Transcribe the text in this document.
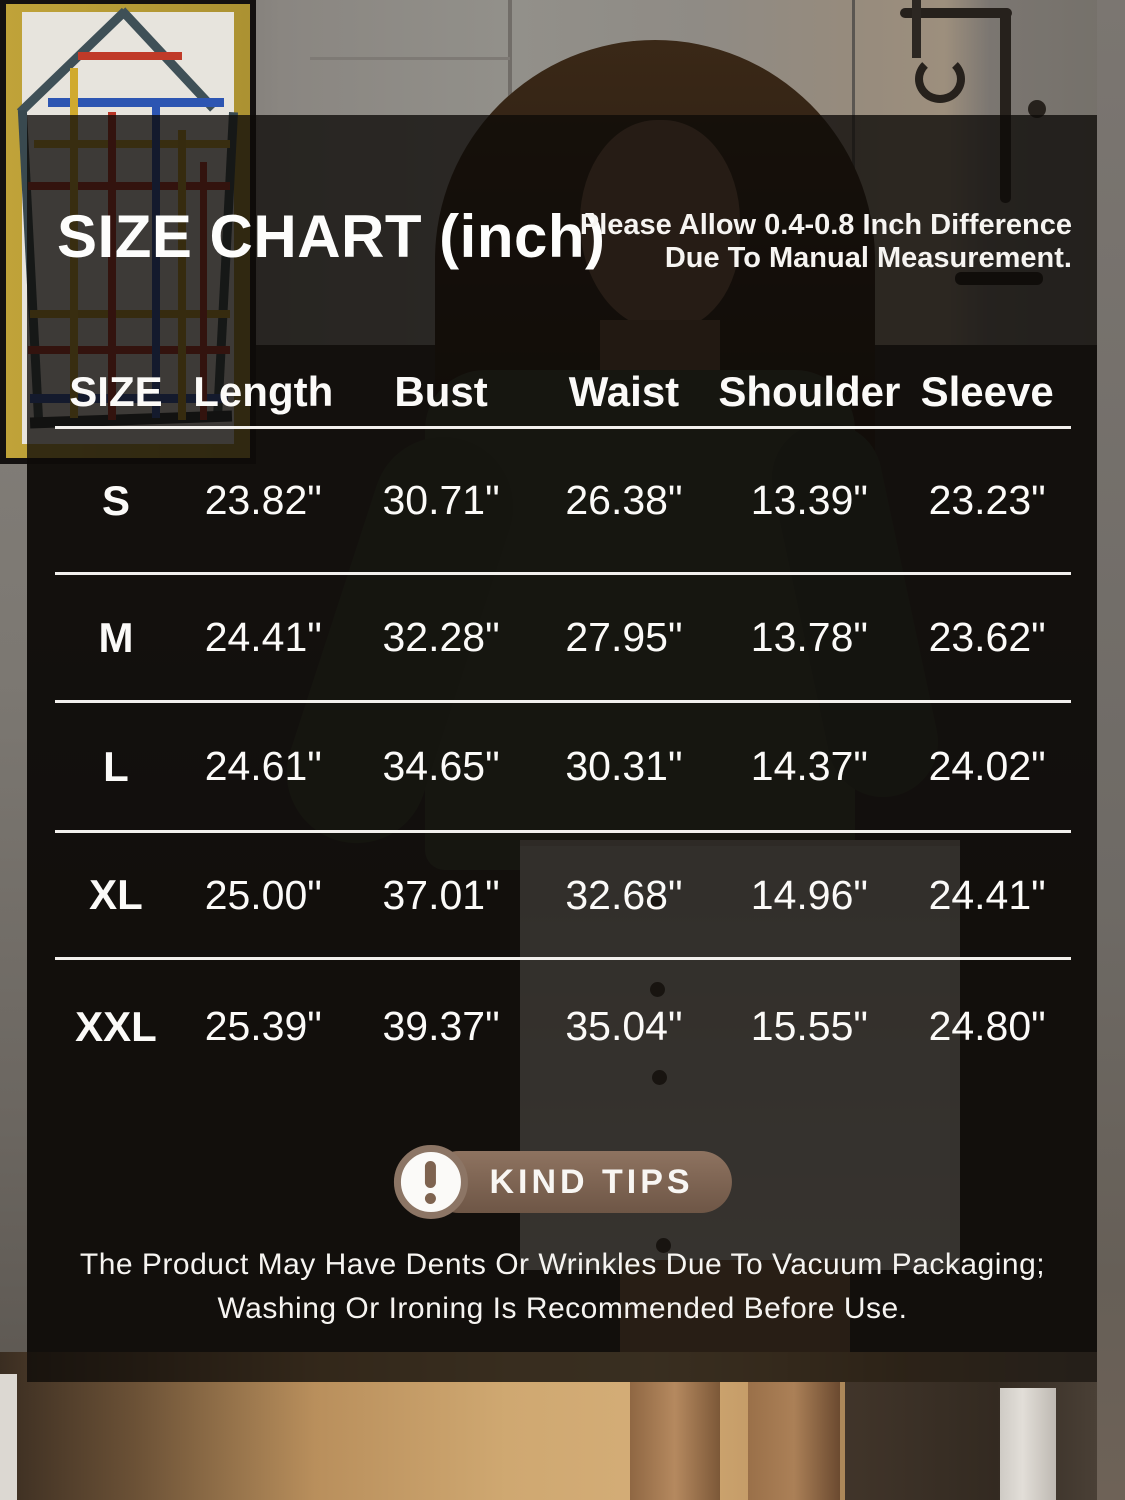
SIZE CHART (inch)
Please Allow 0.4-0.8 Inch Difference
Due To Manual Measurement.
SIZE Length	Bust	Waist Shoulder Sleeve
S	23.82"	30.71"	26.38"	13.39"	23.23"
M	24.41"	32.28"	27.95"	13.78"	23.62"
L	24.61"	34.65"	30.31"	14.37"	24.02"
XL	25.00"	37.01"	32.68"	14.96"	24.41"
XXL	25.39"	39.37"	35.04"	15.55"	24.80"
KIND TIPS
The Product May Have Dents Or Wrinkles Due To Vacuum Packaging;
Washing Or Ironing Is Recommended Before Use.
